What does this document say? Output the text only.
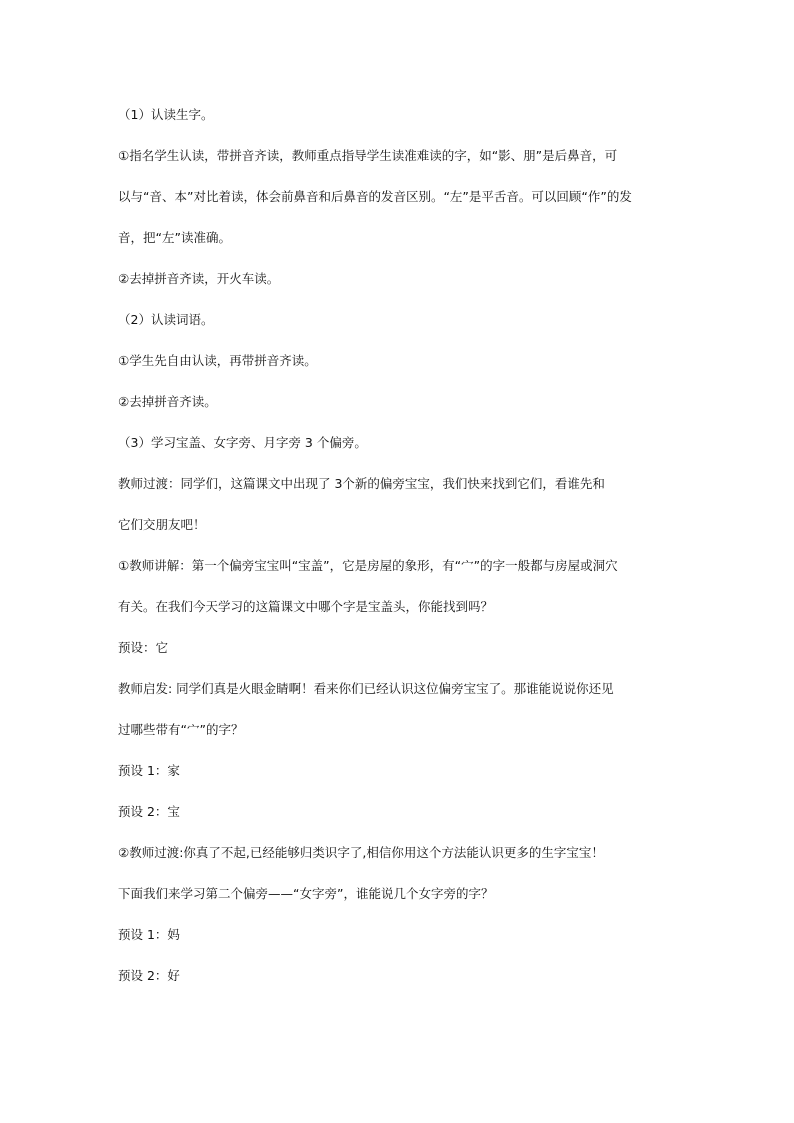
（1）认读生字。

①指名学生认读，带拼音齐读，教师重点指导学生读准难读的字，如“影、朋”是后鼻音，可

以与“音、本”对比着读，体会前鼻音和后鼻音的发音区别。“左”是平舌音。可以回顾“作”的发

音，把“左”读准确。

②去掉拼音齐读，开火车读。

（2）认读词语。

①学生先自由认读，再带拼音齐读。

②去掉拼音齐读。

（3）学习宝盖、女字旁、月字旁 3 个偏旁。

教师过渡：同学们，这篇课文中出现了 3个新的偏旁宝宝，我们快来找到它们，看谁先和

它们交朋友吧！

①教师讲解：第一个偏旁宝宝叫“宝盖”，它是房屋的象形，有“宀”的字一般都与房屋或洞穴

有关。在我们今天学习的这篇课文中哪个字是宝盖头，你能找到吗？

预设：它

教师启发: 同学们真是火眼金睛啊！看来你们已经认识这位偏旁宝宝了。那谁能说说你还见

过哪些带有“宀”的字？

预设 1：家

预设 2：宝

②教师过渡:你真了不起,已经能够归类识字了,相信你用这个方法能认识更多的生字宝宝！

下面我们来学习第二个偏旁——“女字旁”，谁能说几个女字旁的字？

预设 1：妈

预设 2：好
